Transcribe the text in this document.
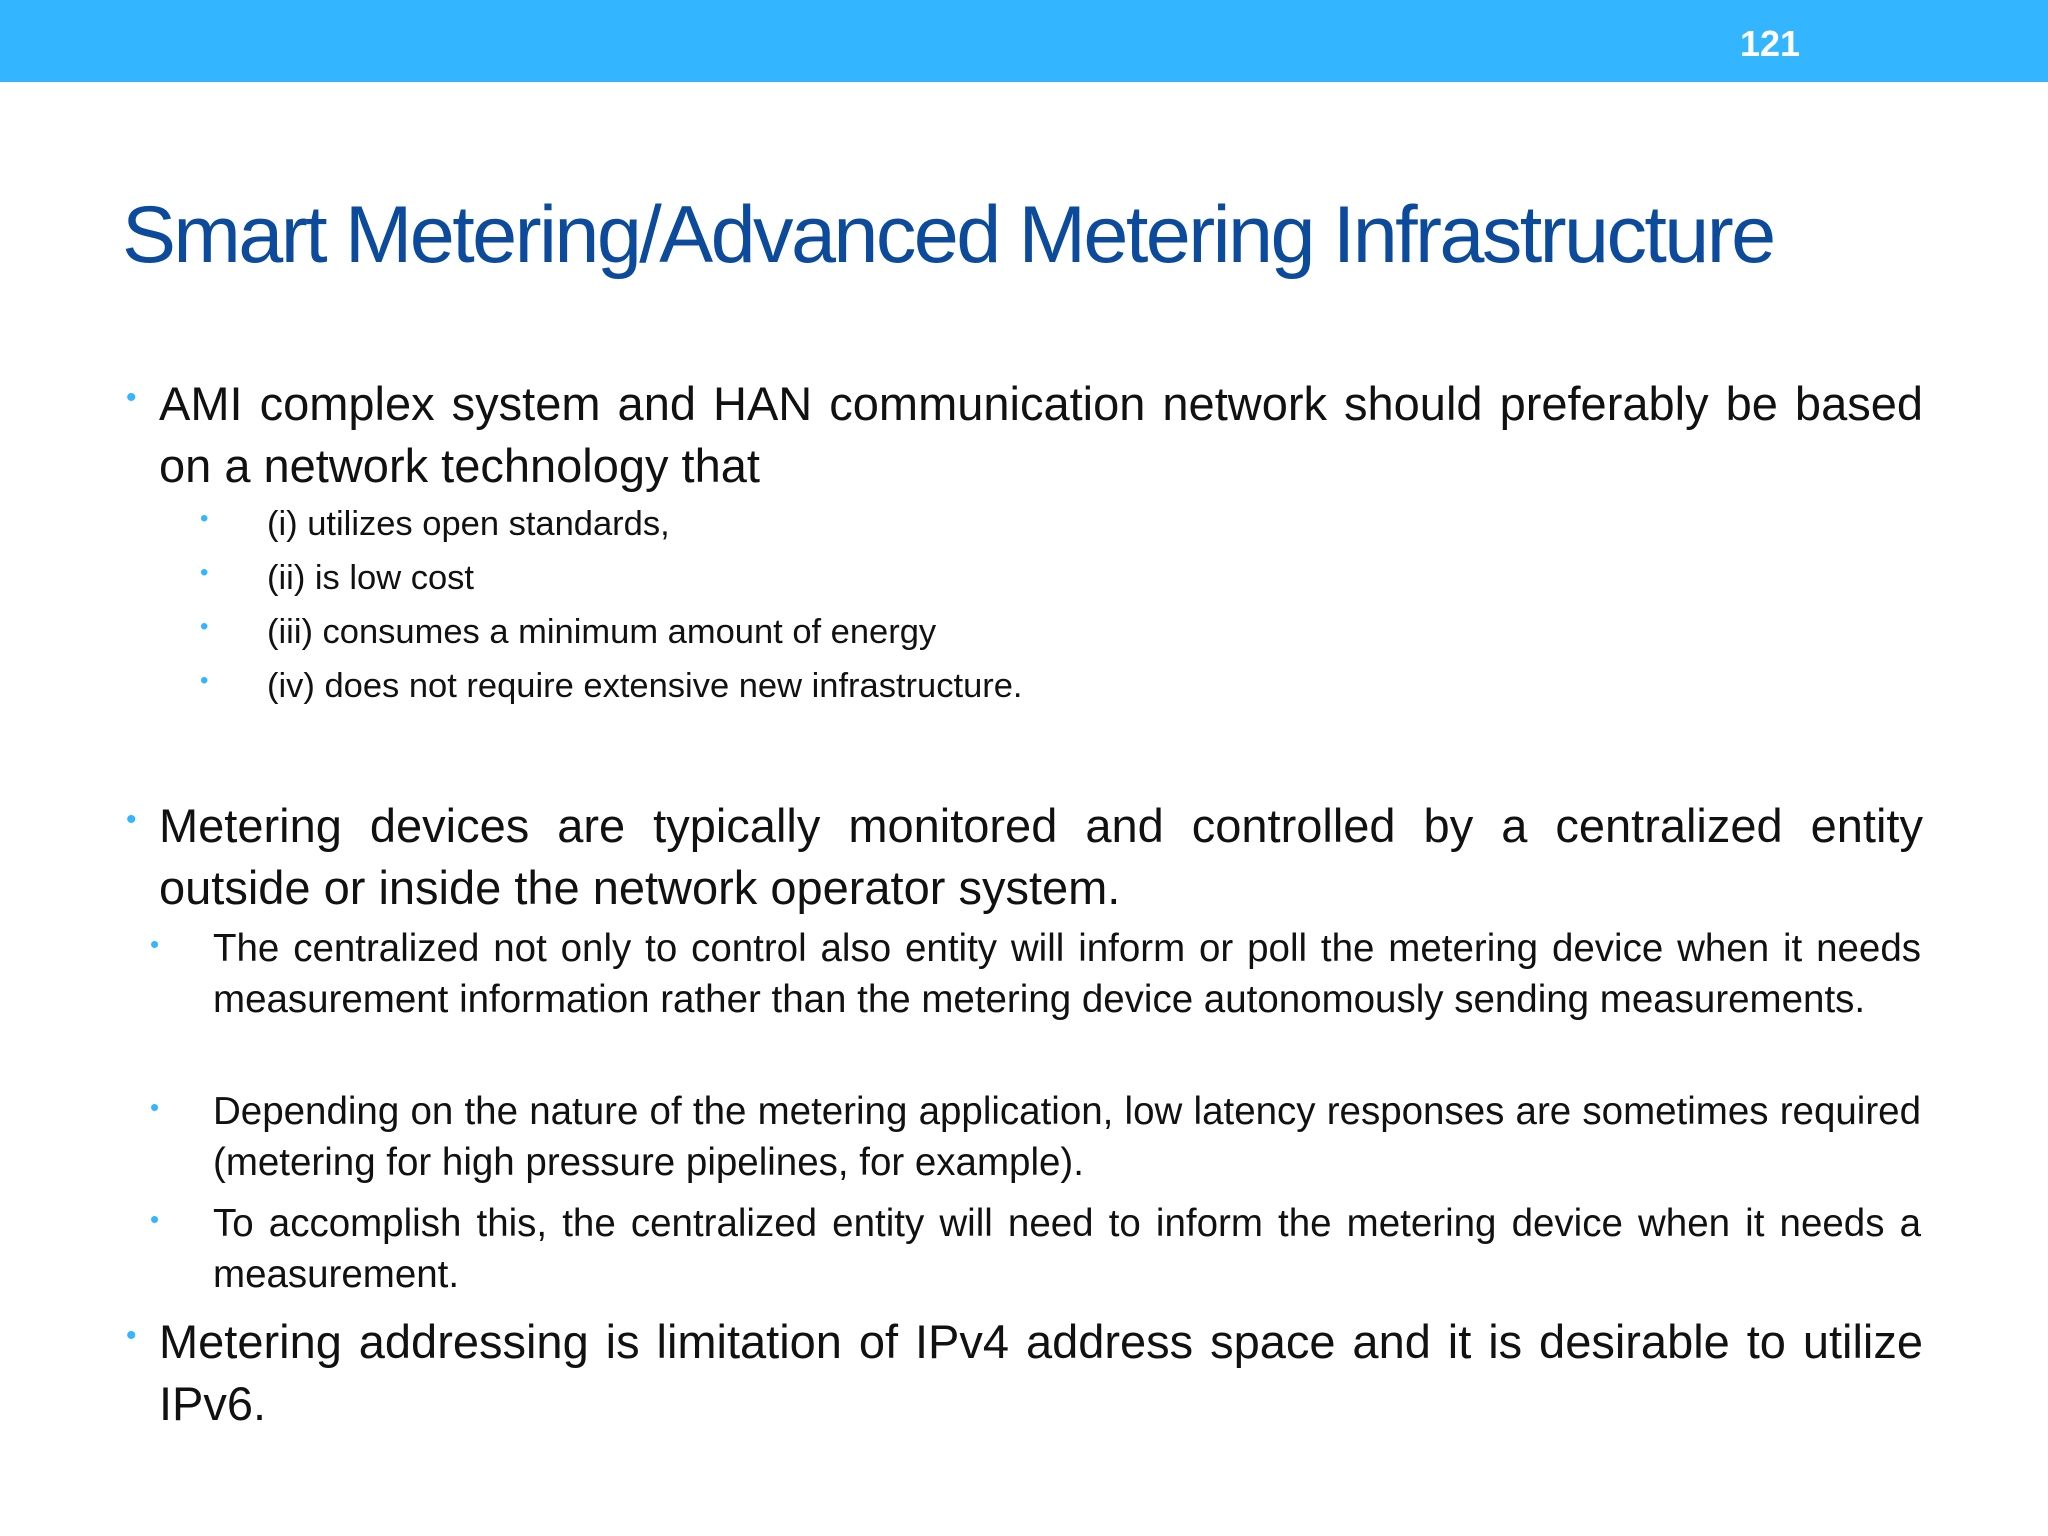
121
Smart Metering/Advanced Metering Infrastructure
• AMI complex system and HAN communication network should preferably be based on a network technology that
• (i) utilizes open standards,
• (ii) is low cost
• (iii) consumes a minimum amount of energy
• (iv) does not require extensive new infrastructure.
• Metering devices are typically monitored and controlled by a centralized entity outside or inside the network operator system.
• The centralized not only to control also entity will inform or poll the metering device when it needs measurement information rather than the metering device autonomously sending measurements.
• Depending on the nature of the metering application, low latency responses are sometimes required (metering for high pressure pipelines, for example).
• To accomplish this, the centralized entity will need to inform the metering device when it needs a measurement.
• Metering addressing is limitation of IPv4 address space and it is desirable to utilize IPv6.
